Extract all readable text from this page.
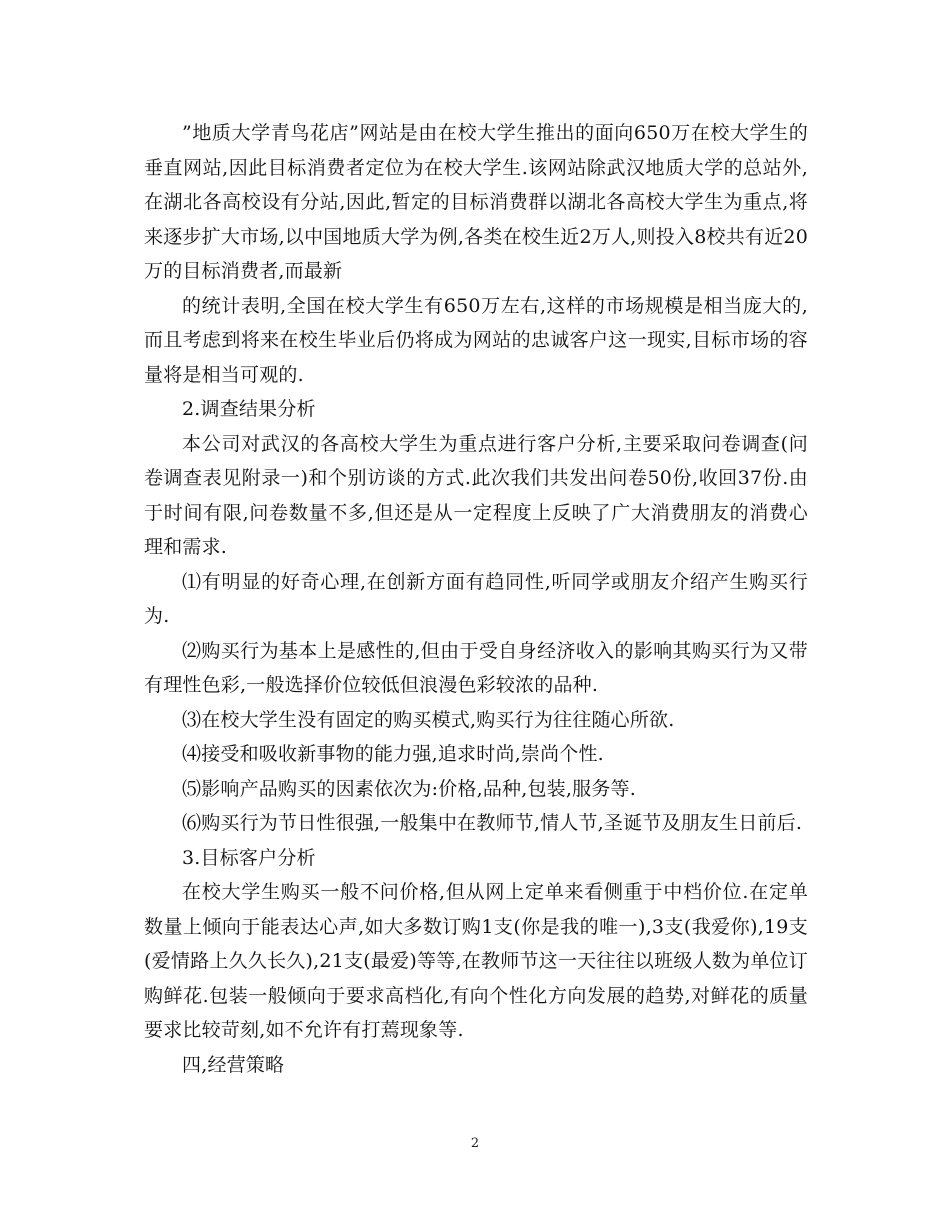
”地质大学青鸟花店”网站是由在校大学生推出的面向650万在校大学生的垂直网站,因此目标消费者定位为在校大学生.该网站除武汉地质大学的总站外,在湖北各高校设有分站,因此,暂定的目标消费群以湖北各高校大学生为重点,将来逐步扩大市场,以中国地质大学为例,各类在校生近2万人,则投入8校共有近20万的目标消费者,而最新

的统计表明,全国在校大学生有650万左右,这样的市场规模是相当庞大的,而且考虑到将来在校生毕业后仍将成为网站的忠诚客户这一现实,目标市场的容量将是相当可观的.

2.调查结果分析

本公司对武汉的各高校大学生为重点进行客户分析,主要采取问卷调查(问卷调查表见附录一)和个别访谈的方式.此次我们共发出问卷50份,收回37份.由于时间有限,问卷数量不多,但还是从一定程度上反映了广大消费朋友的消费心理和需求.

⑴有明显的好奇心理,在创新方面有趋同性,听同学或朋友介绍产生购买行为.

⑵购买行为基本上是感性的,但由于受自身经济收入的影响其购买行为又带有理性色彩,一般选择价位较低但浪漫色彩较浓的品种.

⑶在校大学生没有固定的购买模式,购买行为往往随心所欲.

⑷接受和吸收新事物的能力强,追求时尚,崇尚个性.

⑸影响产品购买的因素依次为:价格,品种,包装,服务等.

⑹购买行为节日性很强,一般集中在教师节,情人节,圣诞节及朋友生日前后.

3.目标客户分析

在校大学生购买一般不问价格,但从网上定单来看侧重于中档价位.在定单数量上倾向于能表达心声,如大多数订购1支(你是我的唯一),3支(我爱你),19支(爱情路上久久长久),21支(最爱)等等,在教师节这一天往往以班级人数为单位订购鲜花.包装一般倾向于要求高档化,有向个性化方向发展的趋势,对鲜花的质量要求比较苛刻,如不允许有打蔫现象等.

四,经营策略

2
